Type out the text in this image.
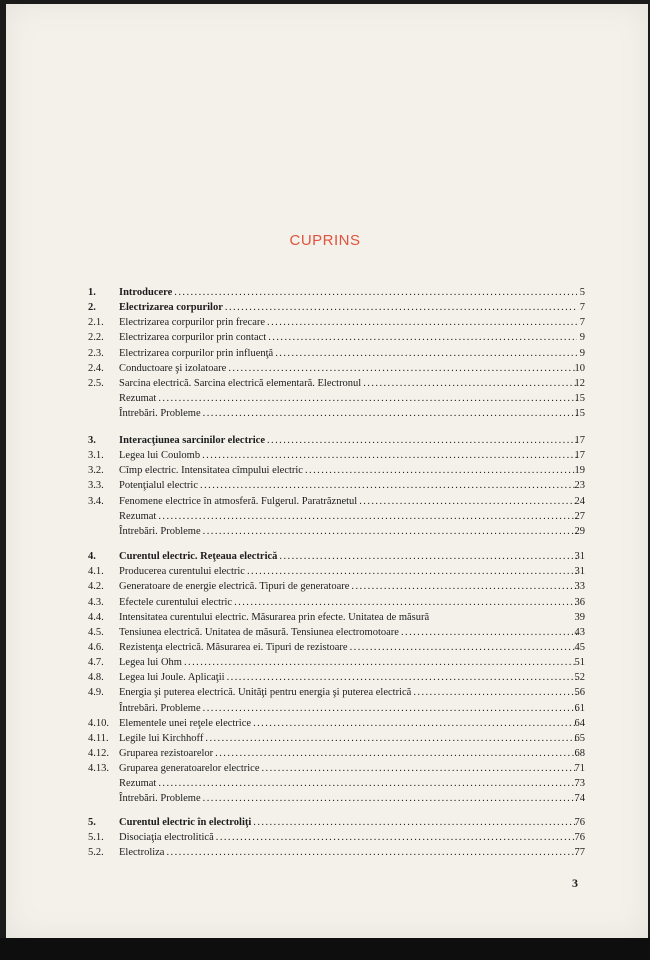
CUPRINS
1.	Introducere . . .	5
2.	Electrizarea corpurilor . . .	7
2.1.	Electrizarea corpurilor prin frecare . . .	7
2.2.	Electrizarea corpurilor prin contact . . .	9
2.3.	Electrizarea corpurilor prin influenţă . . .	9
2.4.	Conductoare şi izolatoare . . .	10
2.5.	Sarcina electrică. Sarcina electrică elementară. Electronul . . .	12
Rezumat . . .	15
Întrebări. Probleme . . .	15
3.	Interacţiunea sarcinilor electrice . . .	17
3.1.	Legea lui Coulomb . . .	17
3.2.	Cîmp electric. Intensitatea cîmpului electric . . .	19
3.3.	Potenţialul electric . . .	23
3.4.	Fenomene electrice în atmosferă. Fulgerul. Paratrăznetul . . .	24
Rezumat . . .	27
Întrebări. Probleme . . .	29
4.	Curentul electric. Reţeaua electrică . . .	31
4.1.	Producerea curentului electric . . .	31
4.2.	Generatoare de energie electrică. Tipuri de generatoare . . .	33
4.3.	Efectele curentului electric . . .	36
4.4.	Intensitatea curentului electric. Măsurarea prin efecte. Unitatea de măsură	39
4.5.	Tensiunea electrică. Unitatea de măsură. Tensiunea electromotoare . . .	43
4.6.	Rezistenţa electrică. Măsurarea ei. Tipuri de rezistoare . . .	45
4.7.	Legea lui Ohm . . .	51
4.8.	Legea lui Joule. Aplicaţii . . .	52
4.9.	Energia şi puterea electrică. Unităţi pentru energia şi puterea electrică . . .	56
Întrebări. Probleme . . .	61
4.10. Elementele unei reţele electrice . . .	64
4.11. Legile lui Kirchhoff . . .	65
4.12. Gruparea rezistoarelor . . .	68
4.13. Gruparea generatoarelor electrice . . .	71
Rezumat . . .	73
Întrebări. Probleme . . .	74
5.	Curentul electric în electroliţi . . .	76
5.1.	Disociaţia electrolitică . . .	76
5.2.	Electroliza . . .	77
3
